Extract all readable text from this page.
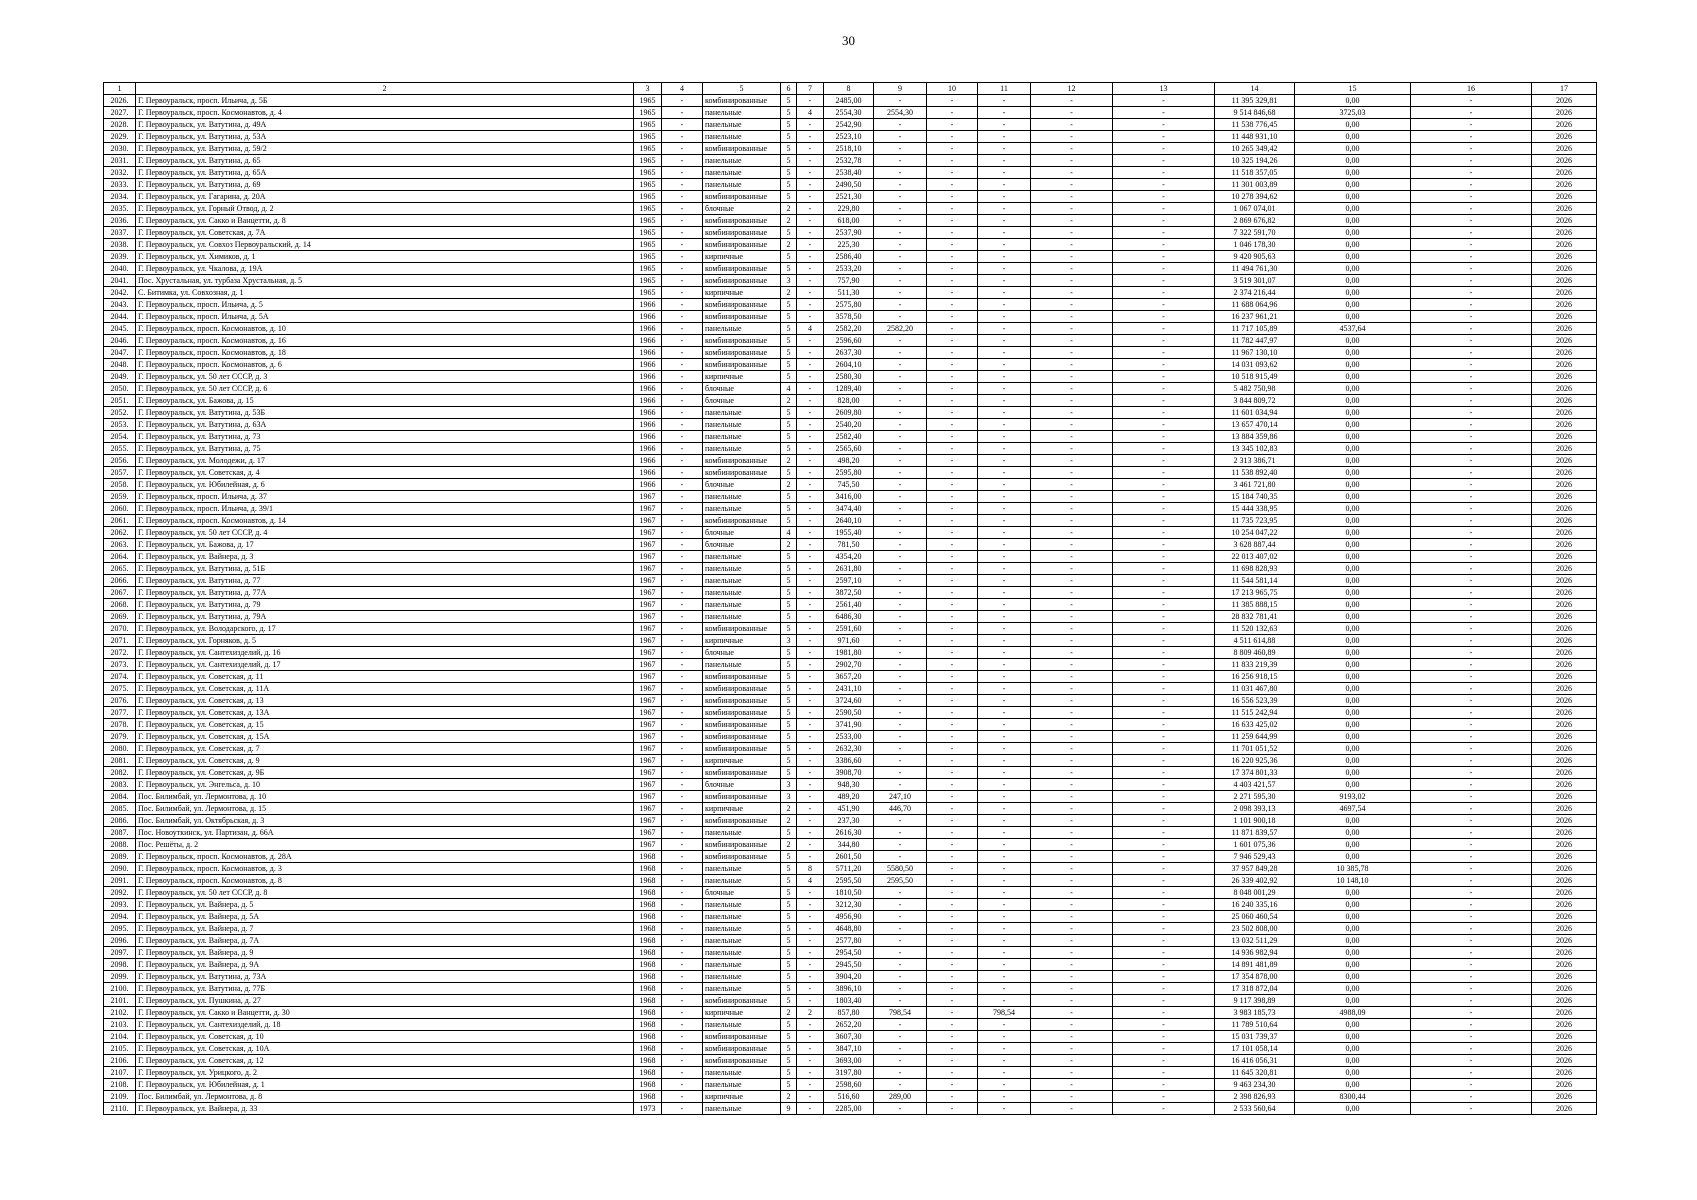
30
1	2	3	4	5	6	7	8	9	10	11	12	13	14	15	16	17
2026.	Г. Первоуральск, просп. Ильича, д. 5Б	1965	-	комбинированные	5	-	2485,00	-	-	-	-	-	11 395 329,81	0,00	-	2026
2027.	Г. Первоуральск, просп. Космонавтов, д. 4	1965	-	панельные	5	4	2554,30	2554,30	-	-	-	-	9 514 846,68	3725,03	-	2026
2028.	Г. Первоуральск, ул. Ватутина, д. 49А	1965	-	панельные	5	-	2542,90	-	-	-	-	-	11 538 776,45	0,00	-	2026
2029.	Г. Первоуральск, ул. Ватутина, д. 53А	1965	-	панельные	5	-	2523,10	-	-	-	-	-	11 448 931,10	0,00	-	2026
2030.	Г. Первоуральск, ул. Ватутина, д. 59/2	1965	-	комбинированные	5	-	2518,10	-	-	-	-	-	10 265 349,42	0,00	-	2026
2031.	Г. Первоуральск, ул. Ватутина, д. 65	1965	-	панельные	5	-	2532,78	-	-	-	-	-	10 325 194,26	0,00	-	2026
2032.	Г. Первоуральск, ул. Ватутина, д. 65А	1965	-	панельные	5	-	2538,40	-	-	-	-	-	11 518 357,05	0,00	-	2026
2033.	Г. Первоуральск, ул. Ватутина, д. 69	1965	-	панельные	5	-	2490,50	-	-	-	-	-	11 301 003,89	0,00	-	2026
2034.	Г. Первоуральск, ул. Гагарина, д. 20А	1965	-	комбинированные	5	-	2521,30	-	-	-	-	-	10 278 394,62	0,00	-	2026
2035.	Г. Первоуральск, ул. Горный Отвод, д. 2	1965	-	блочные	2	-	229,80	-	-	-	-	-	1 067 074,01	0,00	-	2026
2036.	Г. Первоуральск, ул. Сакко и Ванцетти, д. 8	1965	-	комбинированные	2	-	618,00	-	-	-	-	-	2 869 676,82	0,00	-	2026
2037.	Г. Первоуральск, ул. Советская, д. 7А	1965	-	комбинированные	5	-	2537,90	-	-	-	-	-	7 322 591,70	0,00	-	2026
2038.	Г. Первоуральск, ул. Совхоз Первоуральский, д. 14	1965	-	комбинированные	2	-	225,30	-	-	-	-	-	1 046 178,30	0,00	-	2026
2039.	Г. Первоуральск, ул. Химиков, д. 1	1965	-	кирпичные	5	-	2586,40	-	-	-	-	-	9 420 905,63	0,00	-	2026
2040.	Г. Первоуральск, ул. Чкалова, д. 19А	1965	-	комбинированные	5	-	2533,20	-	-	-	-	-	11 494 761,30	0,00	-	2026
2041.	Пос. Хрустальная, ул. турбаза Хрустальная, д. 5	1965	-	комбинированные	3	-	757,90	-	-	-	-	-	3 519 301,07	0,00	-	2026
2042.	С. Битимка, ул. Совхозная, д. 1	1965	-	кирпичные	2	-	511,30	-	-	-	-	-	2 374 216,44	0,00	-	2026
2043.	Г. Первоуральск, просп. Ильича, д. 5	1966	-	комбинированные	5	-	2575,80	-	-	-	-	-	11 688 064,96	0,00	-	2026
2044.	Г. Первоуральск, просп. Ильича, д. 5А	1966	-	комбинированные	5	-	3578,50	-	-	-	-	-	16 237 961,21	0,00	-	2026
2045.	Г. Первоуральск, просп. Космонавтов, д. 10	1966	-	панельные	5	4	2582,20	2582,20	-	-	-	-	11 717 105,89	4537,64	-	2026
2046.	Г. Первоуральск, просп. Космонавтов, д. 16	1966	-	комбинированные	5	-	2596,60	-	-	-	-	-	11 782 447,97	0,00	-	2026
2047.	Г. Первоуральск, просп. Космонавтов, д. 18	1966	-	комбинированные	5	-	2637,30	-	-	-	-	-	11 967 130,10	0,00	-	2026
2048.	Г. Первоуральск, просп. Космонавтов, д. 6	1966	-	комбинированные	5	-	2604,10	-	-	-	-	-	14 031 093,62	0,00	-	2026
2049.	Г. Первоуральск, ул. 50 лет СССР, д. 3	1966	-	кирпичные	5	-	2580,30	-	-	-	-	-	10 518 915,49	0,00	-	2026
2050.	Г. Первоуральск, ул. 50 лет СССР, д. 6	1966	-	блочные	4	-	1289,40	-	-	-	-	-	5 482 750,98	0,00	-	2026
2051.	Г. Первоуральск, ул. Бажова, д. 15	1966	-	блочные	2	-	828,00	-	-	-	-	-	3 844 809,72	0,00	-	2026
2052.	Г. Первоуральск, ул. Ватутина, д. 53Б	1966	-	панельные	5	-	2609,80	-	-	-	-	-	11 601 034,94	0,00	-	2026
2053.	Г. Первоуральск, ул. Ватутина, д. 63А	1966	-	панельные	5	-	2540,20	-	-	-	-	-	13 657 470,14	0,00	-	2026
2054.	Г. Первоуральск, ул. Ватутина, д. 73	1966	-	панельные	5	-	2582,40	-	-	-	-	-	13 884 359,86	0,00	-	2026
2055.	Г. Первоуральск, ул. Ватутина, д. 75	1966	-	панельные	5	-	2565,60	-	-	-	-	-	13 345 102,83	0,00	-	2026
2056.	Г. Первоуральск, ул. Молодежи, д. 17	1966	-	комбинированные	2	-	498,20	-	-	-	-	-	2 313 386,71	0,00	-	2026
2057.	Г. Первоуральск, ул. Советская, д. 4	1966	-	комбинированные	5	-	2595,80	-	-	-	-	-	11 538 892,40	0,00	-	2026
2058.	Г. Первоуральск, ул. Юбилейная, д. 6	1966	-	блочные	2	-	745,50	-	-	-	-	-	3 461 721,80	0,00	-	2026
2059.	Г. Первоуральск, просп. Ильича, д. 37	1967	-	панельные	5	-	3416,00	-	-	-	-	-	15 184 740,35	0,00	-	2026
2060.	Г. Первоуральск, просп. Ильича, д. 39/1	1967	-	панельные	5	-	3474,40	-	-	-	-	-	15 444 338,95	0,00	-	2026
2061.	Г. Первоуральск, просп. Космонавтов, д. 14	1967	-	комбинированные	5	-	2640,10	-	-	-	-	-	11 735 723,95	0,00	-	2026
2062.	Г. Первоуральск, ул. 50 лет СССР, д. 4	1967	-	блочные	4	-	1955,40	-	-	-	-	-	10 254 047,22	0,00	-	2026
2063.	Г. Первоуральск, ул. Бажова, д. 17	1967	-	блочные	2	-	781,50	-	-	-	-	-	3 628 887,44	0,00	-	2026
2064.	Г. Первоуральск, ул. Вайнера, д. 3	1967	-	панельные	5	-	4354,20	-	-	-	-	-	22 013 407,02	0,00	-	2026
2065.	Г. Первоуральск, ул. Ватутина, д. 51Б	1967	-	панельные	5	-	2631,80	-	-	-	-	-	11 698 828,93	0,00	-	2026
2066.	Г. Первоуральск, ул. Ватутина, д. 77	1967	-	панельные	5	-	2597,10	-	-	-	-	-	11 544 581,14	0,00	-	2026
2067.	Г. Первоуральск, ул. Ватутина, д. 77А	1967	-	панельные	5	-	3872,50	-	-	-	-	-	17 213 965,75	0,00	-	2026
2068.	Г. Первоуральск, ул. Ватутина, д. 79	1967	-	панельные	5	-	2561,40	-	-	-	-	-	11 385 888,15	0,00	-	2026
2069.	Г. Первоуральск, ул. Ватутина, д. 79А	1967	-	панельные	5	-	6486,30	-	-	-	-	-	28 832 781,41	0,00	-	2026
2070.	Г. Первоуральск, ул. Володарского, д. 17	1967	-	комбинированные	5	-	2591,60	-	-	-	-	-	11 520 132,63	0,00	-	2026
2071.	Г. Первоуральск, ул. Горняков, д. 5	1967	-	кирпичные	3	-	971,60	-	-	-	-	-	4 511 614,88	0,00	-	2026
2072.	Г. Первоуральск, ул. Сантехизделий, д. 16	1967	-	блочные	5	-	1981,80	-	-	-	-	-	8 809 460,89	0,00	-	2026
2073.	Г. Первоуральск, ул. Сантехизделий, д. 17	1967	-	панельные	5	-	2902,70	-	-	-	-	-	11 833 219,39	0,00	-	2026
2074.	Г. Первоуральск, ул. Советская, д. 11	1967	-	комбинированные	5	-	3657,20	-	-	-	-	-	16 256 918,15	0,00	-	2026
2075.	Г. Первоуральск, ул. Советская, д. 11А	1967	-	комбинированные	5	-	2431,10	-	-	-	-	-	11 031 467,80	0,00	-	2026
2076.	Г. Первоуральск, ул. Советская, д. 13	1967	-	комбинированные	5	-	3724,60	-	-	-	-	-	16 556 523,39	0,00	-	2026
2077.	Г. Первоуральск, ул. Советская, д. 13А	1967	-	комбинированные	5	-	2590,50	-	-	-	-	-	11 515 242,94	0,00	-	2026
2078.	Г. Первоуральск, ул. Советская, д. 15	1967	-	комбинированные	5	-	3741,90	-	-	-	-	-	16 633 425,02	0,00	-	2026
2079.	Г. Первоуральск, ул. Советская, д. 15А	1967	-	комбинированные	5	-	2533,00	-	-	-	-	-	11 259 644,99	0,00	-	2026
2080.	Г. Первоуральск, ул. Советская, д. 7	1967	-	комбинированные	5	-	2632,30	-	-	-	-	-	11 701 051,52	0,00	-	2026
2081.	Г. Первоуральск, ул. Советская, д. 9	1967	-	кирпичные	5	-	3386,60	-	-	-	-	-	16 220 925,36	0,00	-	2026
2082.	Г. Первоуральск, ул. Советская, д. 9Б	1967	-	комбинированные	5	-	3908,70	-	-	-	-	-	17 374 801,33	0,00	-	2026
2083.	Г. Первоуральск, ул. Энгельса, д. 10	1967	-	блочные	3	-	948,30	-	-	-	-	-	4 403 421,57	0,00	-	2026
2084.	Пос. Билимбай, ул. Лермонтова, д. 10	1967	-	комбинированные	3	-	489,20	247,10	-	-	-	-	2 271 595,30	9193,02	-	2026
2085.	Пос. Билимбай, ул. Лермонтова, д. 15	1967	-	кирпичные	2	-	451,90	446,70	-	-	-	-	2 098 393,13	4697,54	-	2026
2086.	Пос. Билимбай, ул. Октябрьская, д. 3	1967	-	комбинированные	2	-	237,30	-	-	-	-	-	1 101 900,18	0,00	-	2026
2087.	Пос. Новоуткинск, ул. Партизан, д. 66А	1967	-	панельные	5	-	2616,30	-	-	-	-	-	11 871 839,57	0,00	-	2026
2088.	Пос. Решёты, д. 2	1967	-	комбинированные	2	-	344,80	-	-	-	-	-	1 601 075,36	0,00	-	2026
2089.	Г. Первоуральск, просп. Космонавтов, д. 28А	1968	-	комбинированные	5	-	2601,50	-	-	-	-	-	7 946 529,43	0,00	-	2026
2090.	Г. Первоуральск, просп. Космонавтов, д. 3	1968	-	панельные	5	8	5711,20	5580,50	-	-	-	-	37 957 849,28	10 385,78	-	2026
2091.	Г. Первоуральск, просп. Космонавтов, д. 8	1968	-	панельные	5	4	2595,50	2595,50	-	-	-	-	26 339 402,92	10 148,10	-	2026
2092.	Г. Первоуральск, ул. 50 лет СССР, д. 8	1968	-	блочные	5	-	1810,50	-	-	-	-	-	8 048 001,29	0,00	-	2026
2093.	Г. Первоуральск, ул. Вайнера, д. 5	1968	-	панельные	5	-	3212,30	-	-	-	-	-	16 240 335,16	0,00	-	2026
2094.	Г. Первоуральск, ул. Вайнера, д. 5А	1968	-	панельные	5	-	4956,90	-	-	-	-	-	25 060 460,54	0,00	-	2026
2095.	Г. Первоуральск, ул. Вайнера, д. 7	1968	-	панельные	5	-	4648,80	-	-	-	-	-	23 502 808,00	0,00	-	2026
2096.	Г. Первоуральск, ул. Вайнера, д. 7А	1968	-	панельные	5	-	2577,80	-	-	-	-	-	13 032 511,29	0,00	-	2026
2097.	Г. Первоуральск, ул. Вайнера, д. 9	1968	-	панельные	5	-	2954,50	-	-	-	-	-	14 936 982,94	0,00	-	2026
2098.	Г. Первоуральск, ул. Вайнера, д. 9А	1968	-	панельные	5	-	2945,50	-	-	-	-	-	14 891 481,89	0,00	-	2026
2099.	Г. Первоуральск, ул. Ватутина, д. 73А	1968	-	панельные	5	-	3904,20	-	-	-	-	-	17 354 878,00	0,00	-	2026
2100.	Г. Первоуральск, ул. Ватутина, д. 77Б	1968	-	панельные	5	-	3896,10	-	-	-	-	-	17 318 872,04	0,00	-	2026
2101.	Г. Первоуральск, ул. Пушкина, д. 27	1968	-	комбинированные	5	-	1803,40	-	-	-	-	-	9 117 398,89	0,00	-	2026
2102.	Г. Первоуральск, ул. Сакко и Ванцетти, д. 30	1968	-	кирпичные	2	2	857,80	798,54	-	798,54	-	-	3 983 185,73	4988,09	-	2026
2103.	Г. Первоуральск, ул. Сантехизделий, д. 18	1968	-	панельные	5	-	2652,20	-	-	-	-	-	11 789 510,64	0,00	-	2026
2104.	Г. Первоуральск, ул. Советская, д. 10	1968	-	комбинированные	5	-	3607,30	-	-	-	-	-	15 031 739,37	0,00	-	2026
2105.	Г. Первоуральск, ул. Советская, д. 10А	1968	-	комбинированные	5	-	3847,10	-	-	-	-	-	17 101 058,14	0,00	-	2026
2106.	Г. Первоуральск, ул. Советская, д. 12	1968	-	комбинированные	5	-	3693,00	-	-	-	-	-	16 416 056,31	0,00	-	2026
2107.	Г. Первоуральск, ул. Урицкого, д. 2	1968	-	панельные	5	-	3197,80	-	-	-	-	-	11 645 320,81	0,00	-	2026
2108.	Г. Первоуральск, ул. Юбилейная, д. 1	1968	-	панельные	5	-	2598,60	-	-	-	-	-	9 463 234,30	0,00	-	2026
2109.	Пос. Билимбай, ул. Лермонтова, д. 8	1968	-	кирпичные	2	-	516,60	289,00	-	-	-	-	2 398 826,93	8300,44	-	2026
2110.	Г. Первоуральск, ул. Вайнера, д. 33	1973	-	панельные	9	-	2285,00	-	-	-	-	-	2 533 560,64	0,00	-	2026
